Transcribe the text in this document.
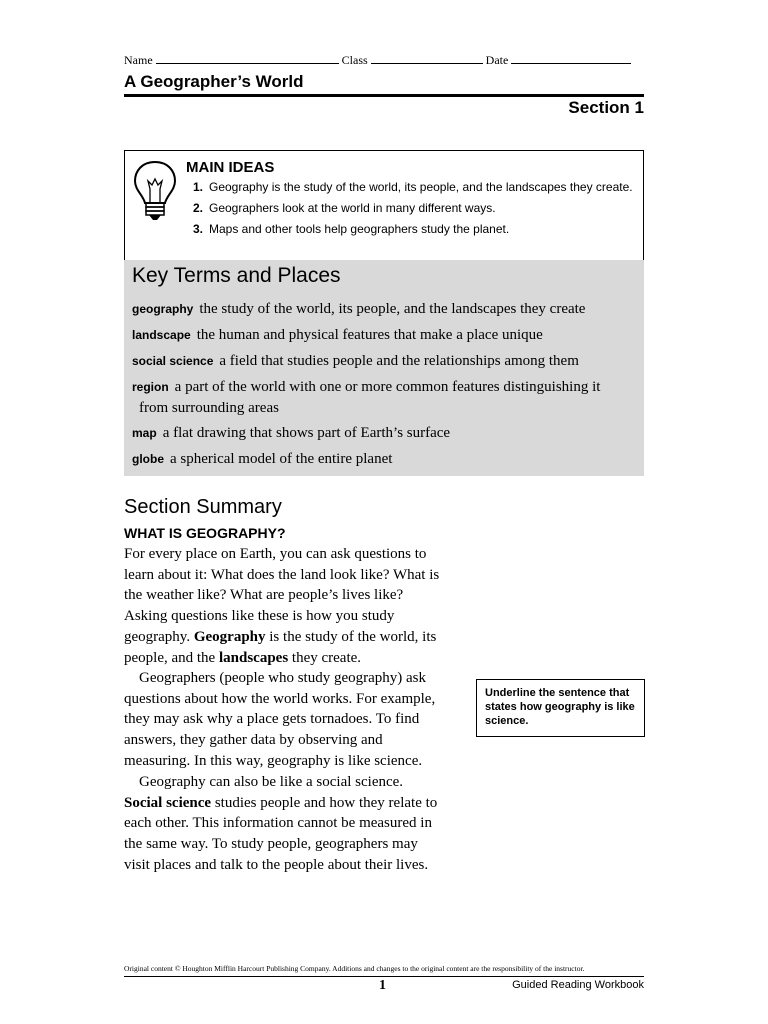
Name	Class	Date
A Geographer’s World
Section 1
MAIN IDEAS
1. Geography is the study of the world, its people, and the landscapes they create.
2. Geographers look at the world in many different ways.
3. Maps and other tools help geographers study the planet.
Key Terms and Places
geography the study of the world, its people, and the landscapes they create
landscape the human and physical features that make a place unique
social science a field that studies people and the relationships among them
region a part of the world with one or more common features distinguishing it
from surrounding areas
map a flat drawing that shows part of Earth’s surface
globe a spherical model of the entire planet
Section Summary
WHAT IS GEOGRAPHY?
For every place on Earth, you can ask questions to learn about it: What does the land look like? What is the weather like? What are people’s lives like? Asking questions like these is how you study geography. Geography is the study of the world, its people, and the landscapes they create.
Geographers (people who study geography) ask questions about how the world works. For example, they may ask why a place gets tornadoes. To find answers, they gather data by observing and measuring. In this way, geography is like science.
Geography can also be like a social science.
Social science studies people and how they relate to each other. This information cannot be measured in the same way. To study people, geographers may visit places and talk to the people about their lives.
Underline the sentence that states how geography is like science.
Original content © Houghton Mifflin Harcourt Publishing Company. Additions and changes to the original content are the responsibility of the instructor.
1	Guided Reading Workbook
